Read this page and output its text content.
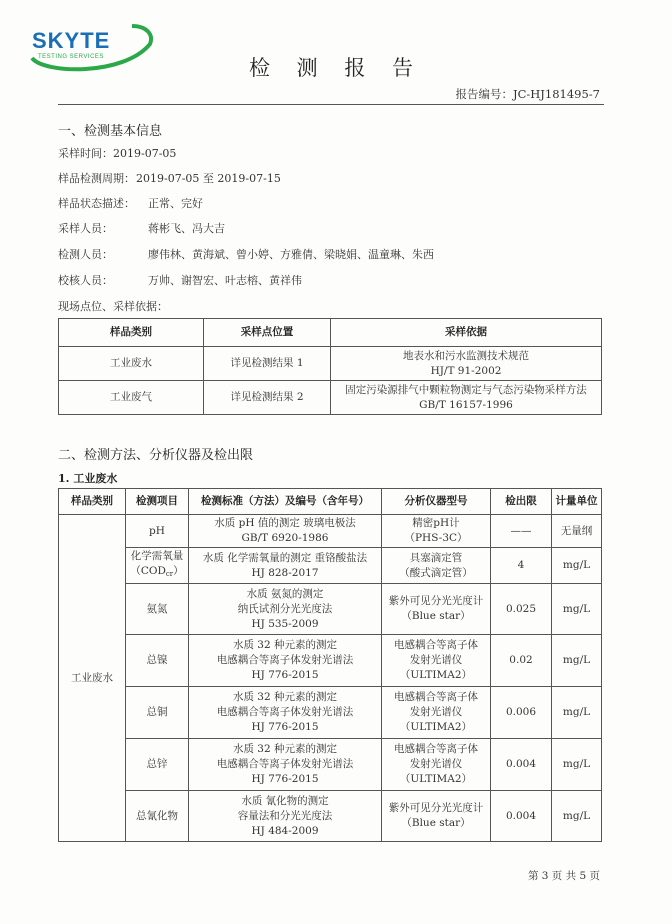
SKYTE
TESTING SERVICES	检 测 报 告
报告编号：JC-HJ181495-7
一、检测基本信息
采样时间：2019-07-05
样品检测周期： 2019-07-05 至 2019-07-15
样品状态描述： 正常、完好
采样人员：	蒋彬飞、冯大吉
检测人员：	廖伟林、黄海斌、曾小婷、方雅倩、梁晓娟、温童琳、朱西
校核人员：	万帅、谢智宏、叶志榕、黄祥伟
现场点位、采样依据：
样品类别	采样点位置	采样依据
工业废水	详见检测结果 1	地表水和污水监测技术规范
HJ/T 91-2002

工业废气	详见检测结果 2	固定污染源排气中颗粒物测定与气态污染物采样方法
GB/T 16157-1996
二、检测方法、分析仪器及检出限
1. 工业废水
样品类别	检测项目	检测标准（方法）及编号（含年号）	分析仪器型号	检出限	计量单位
工业废水	pH	水质 pH 值的测定 玻璃电极法
GB/T 6920-1986	精密pH计
（PHS-3C）	——	无量纲

	化学需氧量
$(COD_{cr})$	水质 化学需氧量的测定 重铬酸盐法
HJ 828-2017	具塞滴定管
（酸式滴定管）	4	mg/L
	氨氮	水质 氨氮的测定
纳氏试剂分光光度法
HJ 535-2009	紫外可见分光光度计
（Blue star）	0.025	mg/L
	总镍	水质 32 种元素的测定
电感耦合等离子体发射光谱法
HJ 776-2015	电感耦合等离子体
发射光谱仪
（ULTIMA2）	0.02	mg/L
	总铜	水质 32 种元素的测定
电感耦合等离子体发射光谱法
HJ 776-2015	电感耦合等离子体
发射光谱仪
（ULTIMA2）	0.006	mg/L
	总锌	水质 32 种元素的测定
电感耦合等离子体发射光谱法
HJ 776-2015	电感耦合等离子体
发射光谱仪
（ULTIMA2）	0.004	mg/L
	总氰化物	水质 氰化物的测定
容量法和分光光度法
HJ 484-2009	紫外可见分光光度计
（Blue star）	0.004	mg/L
第 3 页 共 5 页
